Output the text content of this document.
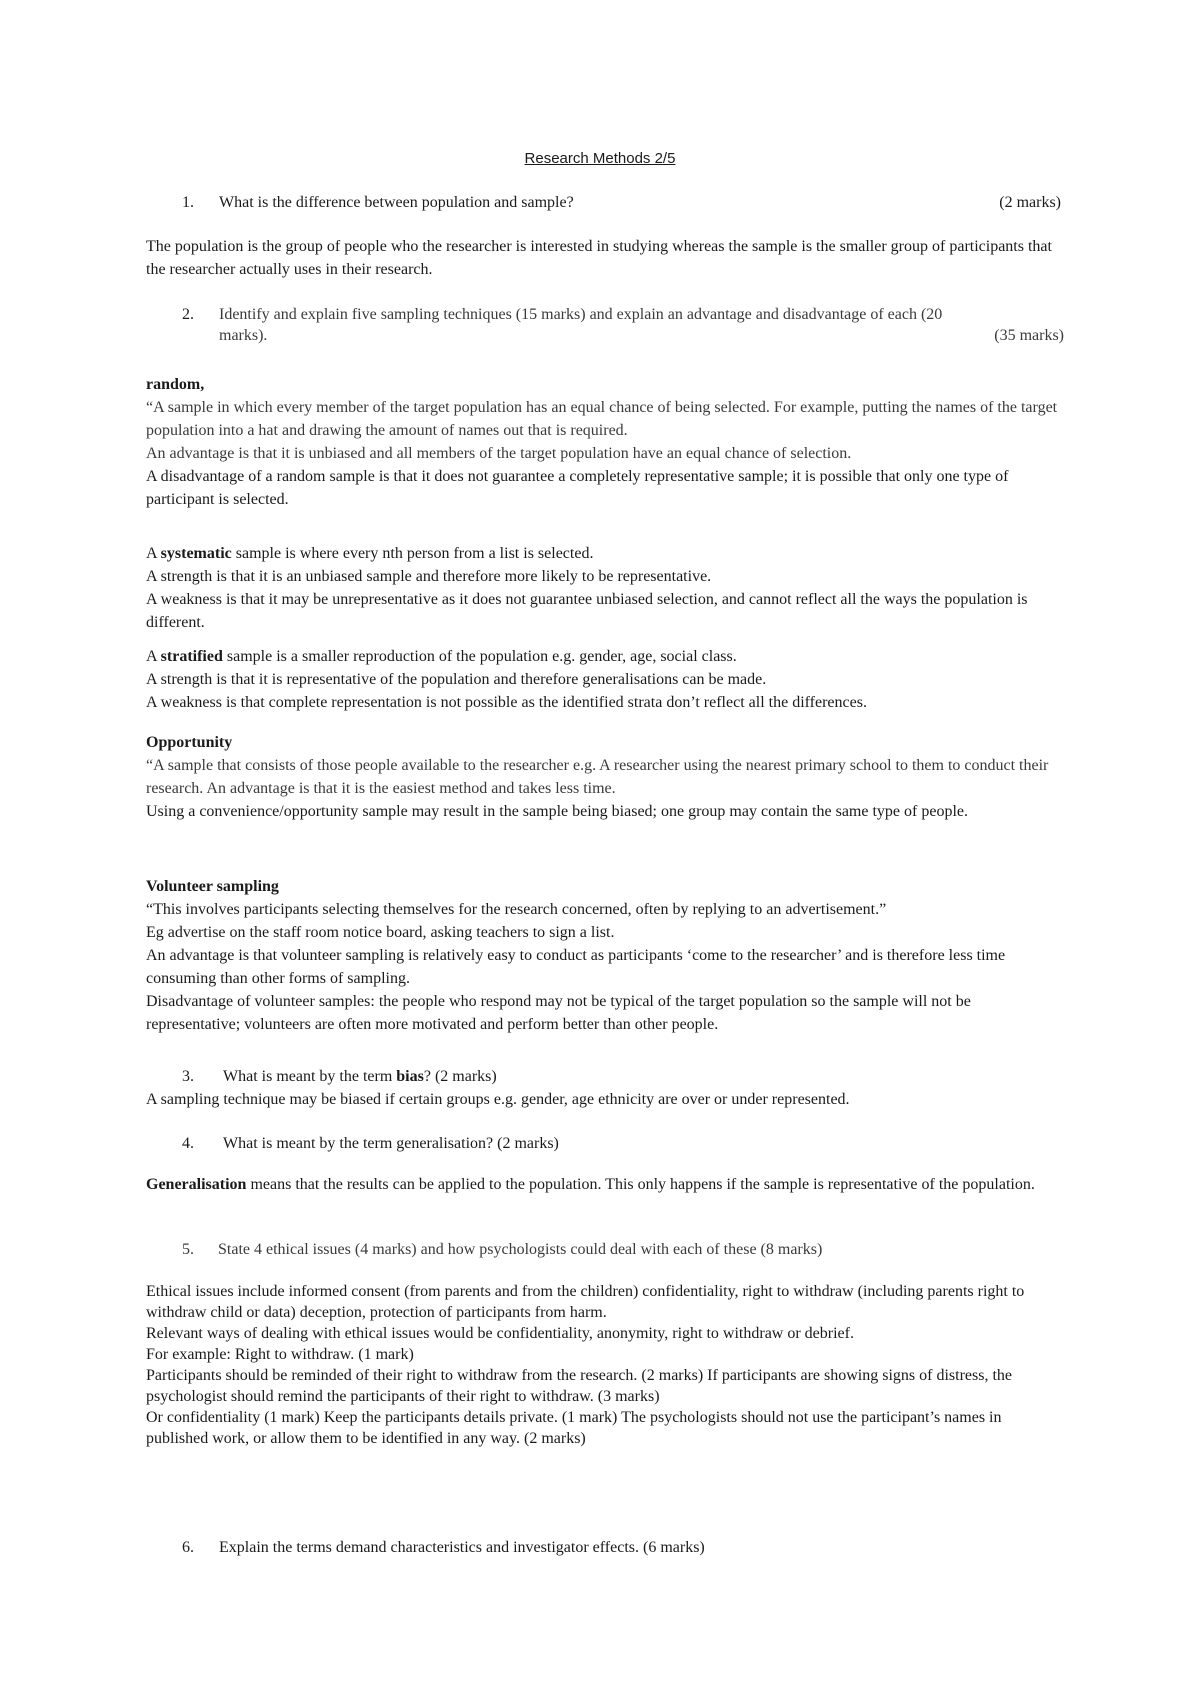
Research Methods 2/5
1. What is the difference between population and sample?	(2 marks)

The population is the group of people who the researcher is interested in studying whereas the sample is the smaller group of participants that the researcher actually uses in their research.

2. Identify and explain five sampling techniques (15 marks) and explain an advantage and disadvantage of each (20
marks).	(35 marks)

random,

“A sample in which every member of the target population has an equal chance of being selected. For example, putting the names of the target population into a hat and drawing the amount of names out that is required.

An advantage is that it is unbiased and all members of the target population have an equal chance of selection.

A disadvantage of a random sample is that it does not guarantee a completely representative sample; it is possible that only one type of participant is selected.

A systematic sample is where every nth person from a list is selected.

A strength is that it is an unbiased sample and therefore more likely to be representative.

A weakness is that it may be unrepresentative as it does not guarantee unbiased selection, and cannot reflect all the ways the population is different.

A stratified sample is a smaller reproduction of the population e.g. gender, age, social class.

A strength is that it is representative of the population and therefore generalisations can be made.

A weakness is that complete representation is not possible as the identified strata don’t reflect all the differences.

Opportunity

“A sample that consists of those people available to the researcher e.g. A researcher using the nearest primary school to them to conduct their research. An advantage is that it is the easiest method and takes less time.

Using a convenience/opportunity sample may result in the sample being biased; one group may contain the same type of people.

Volunteer sampling

“This involves participants selecting themselves for the research concerned, often by replying to an advertisement.”

Eg advertise on the staff room notice board, asking teachers to sign a list.

An advantage is that volunteer sampling is relatively easy to conduct as participants ‘come to the researcher’ and is therefore less time consuming than other forms of sampling.

Disadvantage of volunteer samples: the people who respond may not be typical of the target population so the sample will not be representative; volunteers are often more motivated and perform better than other people.

3. What is meant by the term bias? (2 marks)

A sampling technique may be biased if certain groups e.g. gender, age ethnicity are over or under represented.

4. What is meant by the term generalisation? (2 marks)

Generalisation means that the results can be applied to the population. This only happens if the sample is representative of the population.

5. State 4 ethical issues (4 marks) and how psychologists could deal with each of these (8 marks)

Ethical issues include informed consent (from parents and from the children) confidentiality, right to withdraw (including parents right to withdraw child or data) deception, protection of participants from harm.

Relevant ways of dealing with ethical issues would be confidentiality, anonymity, right to withdraw or debrief.

For example: Right to withdraw. (1 mark)

Participants should be reminded of their right to withdraw from the research. (2 marks) If participants are showing signs of distress, the psychologist should remind the participants of their right to withdraw. (3 marks)

Or confidentiality (1 mark) Keep the participants details private. (1 mark) The psychologists should not use the participant’s names in published work, or allow them to be identified in any way. (2 marks)

6. Explain the terms demand characteristics and investigator effects. (6 marks)
